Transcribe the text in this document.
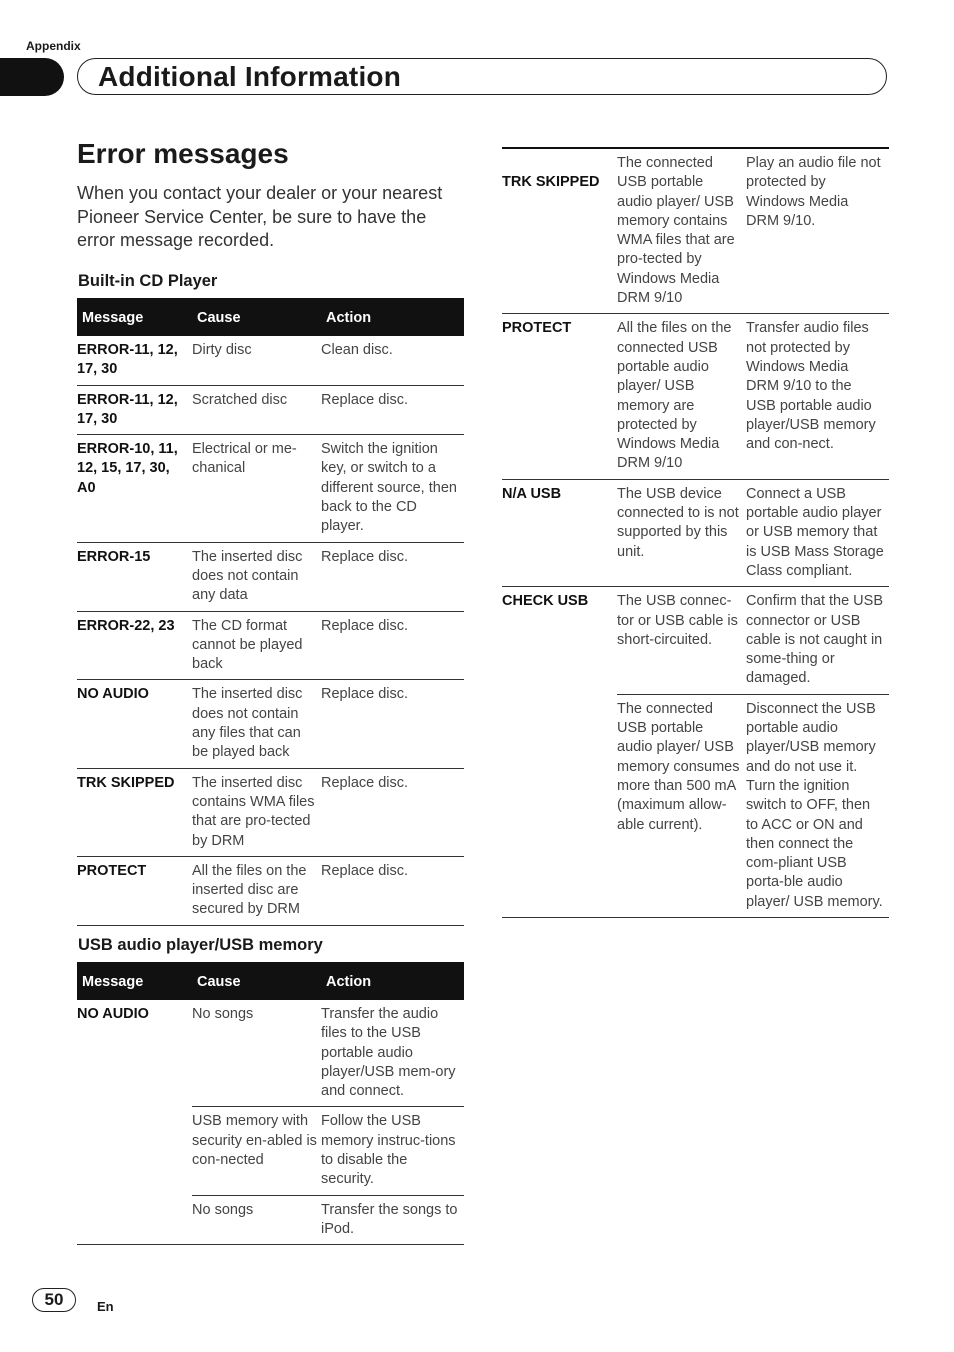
Appendix
Additional Information
Error messages
When you contact your dealer or your nearest Pioneer Service Center, be sure to have the error message recorded.
Built-in CD Player
Message	Cause	Action
ERROR-11, 12, 17, 30	Dirty disc	Clean disc.
ERROR-11, 12, 17, 30	Scratched disc	Replace disc.
ERROR-10, 11, 12, 15, 17, 30, A0	Electrical or me-chanical	Switch the ignition key, or switch to a different source, then back to the CD player.
ERROR-15	The inserted disc does not contain any data	Replace disc.
ERROR-22, 23	The CD format cannot be played back	Replace disc.
NO AUDIO	The inserted disc does not contain any files that can be played back	Replace disc.
TRK SKIPPED	The inserted disc contains WMA files that are pro-tected by DRM	Replace disc.
PROTECT	All the files on the inserted disc are secured by DRM	Replace disc.
USB audio player/USB memory
Message	Cause	Action
NO AUDIO	No songs	Transfer the audio files to the USB portable audio player/USB mem-ory and connect.
	USB memory with security en-abled is con-nected	Follow the USB memory instruc-tions to disable the security.
	No songs	Transfer the songs to iPod.
TRK SKIPPED	The connected USB portable audio player/ USB memory contains WMA files that are pro-tected by Windows Media DRM 9/10	Play an audio file not protected by Windows Media DRM 9/10.
PROTECT	All the files on the connected USB portable audio player/ USB memory are protected by Windows Media DRM 9/10	Transfer audio files not protected by Windows Media DRM 9/10 to the USB portable audio player/USB memory and con-nect.
N/A USB	The USB device connected to is not supported by this unit.	Connect a USB portable audio player or USB memory that is USB Mass Storage Class compliant.
CHECK USB	The USB connec-tor or USB cable is short-circuited.	Confirm that the USB connector or USB cable is not caught in some-thing or damaged.
	The connected USB portable audio player/ USB memory consumes more than 500 mA (maximum allow-able current).	Disconnect the USB portable audio player/USB memory and do not use it. Turn the ignition switch to OFF, then to ACC or ON and then connect the com-pliant USB porta-ble audio player/ USB memory.
50	En
